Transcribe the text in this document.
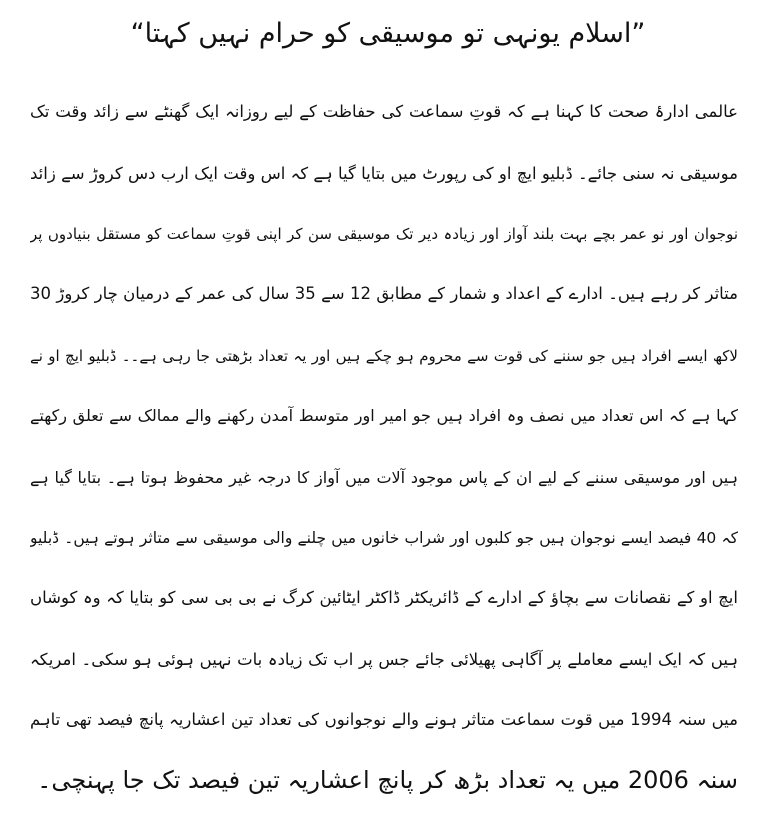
”اسلام یونہی تو موسیقی کو حرام نہیں کہتا“
عالمی ادارۂ صحت کا کہنا ہے کہ قوتِ سماعت کی حفاظت کے لیے روزانہ ایک گھنٹے سے زائد وقت تک
موسیقی نہ سنی جائے۔ ڈبلیو ایچ او کی رپورٹ میں بتایا گیا ہے کہ اس وقت ایک ارب دس کروڑ سے زائد
نوجوان اور نو عمر بچے بہت بلند آواز اور زیادہ دیر تک موسیقی سن کر اپنی قوتِ سماعت کو مستقل بنیادوں پر
متاثر کر رہے ہیں۔ ادارے کے اعداد و شمار کے مطابق 12 سے 35 سال کی عمر کے درمیان چار کروڑ 30
لاکھ ایسے افراد ہیں جو سننے کی قوت سے محروم ہو چکے ہیں اور یہ تعداد بڑھتی جا رہی ہے۔۔ ڈبلیو ایچ او نے
کہا ہے کہ اس تعداد میں نصف وہ افراد ہیں جو امیر اور متوسط آمدن رکھنے والے ممالک سے تعلق رکھتے
ہیں اور موسیقی سننے کے لیے ان کے پاس موجود آلات میں آواز کا درجہ غیر محفوظ ہوتا ہے۔ بتایا گیا ہے
کہ 40 فیصد ایسے نوجوان ہیں جو کلبوں اور شراب خانوں میں چلنے والی موسیقی سے متاثر ہوتے ہیں۔ ڈبلیو
ایچ او کے نقصانات سے بچاؤ کے ادارے کے ڈائریکٹر ڈاکٹر ایٹائین کرگ نے بی بی سی کو بتایا کہ وہ کوشاں
ہیں کہ ایک ایسے معاملے پر آگاہی پھیلائی جائے جس پر اب تک زیادہ بات نہیں ہوئی ہو سکی۔ امریکہ
میں سنہ 1994 میں قوت سماعت متاثر ہونے والے نوجوانوں کی تعداد تین اعشاریہ پانچ فیصد تھی تاہم
سنہ 2006 میں یہ تعداد بڑھ کر پانچ اعشاریہ تین فیصد تک جا پہنچی۔
